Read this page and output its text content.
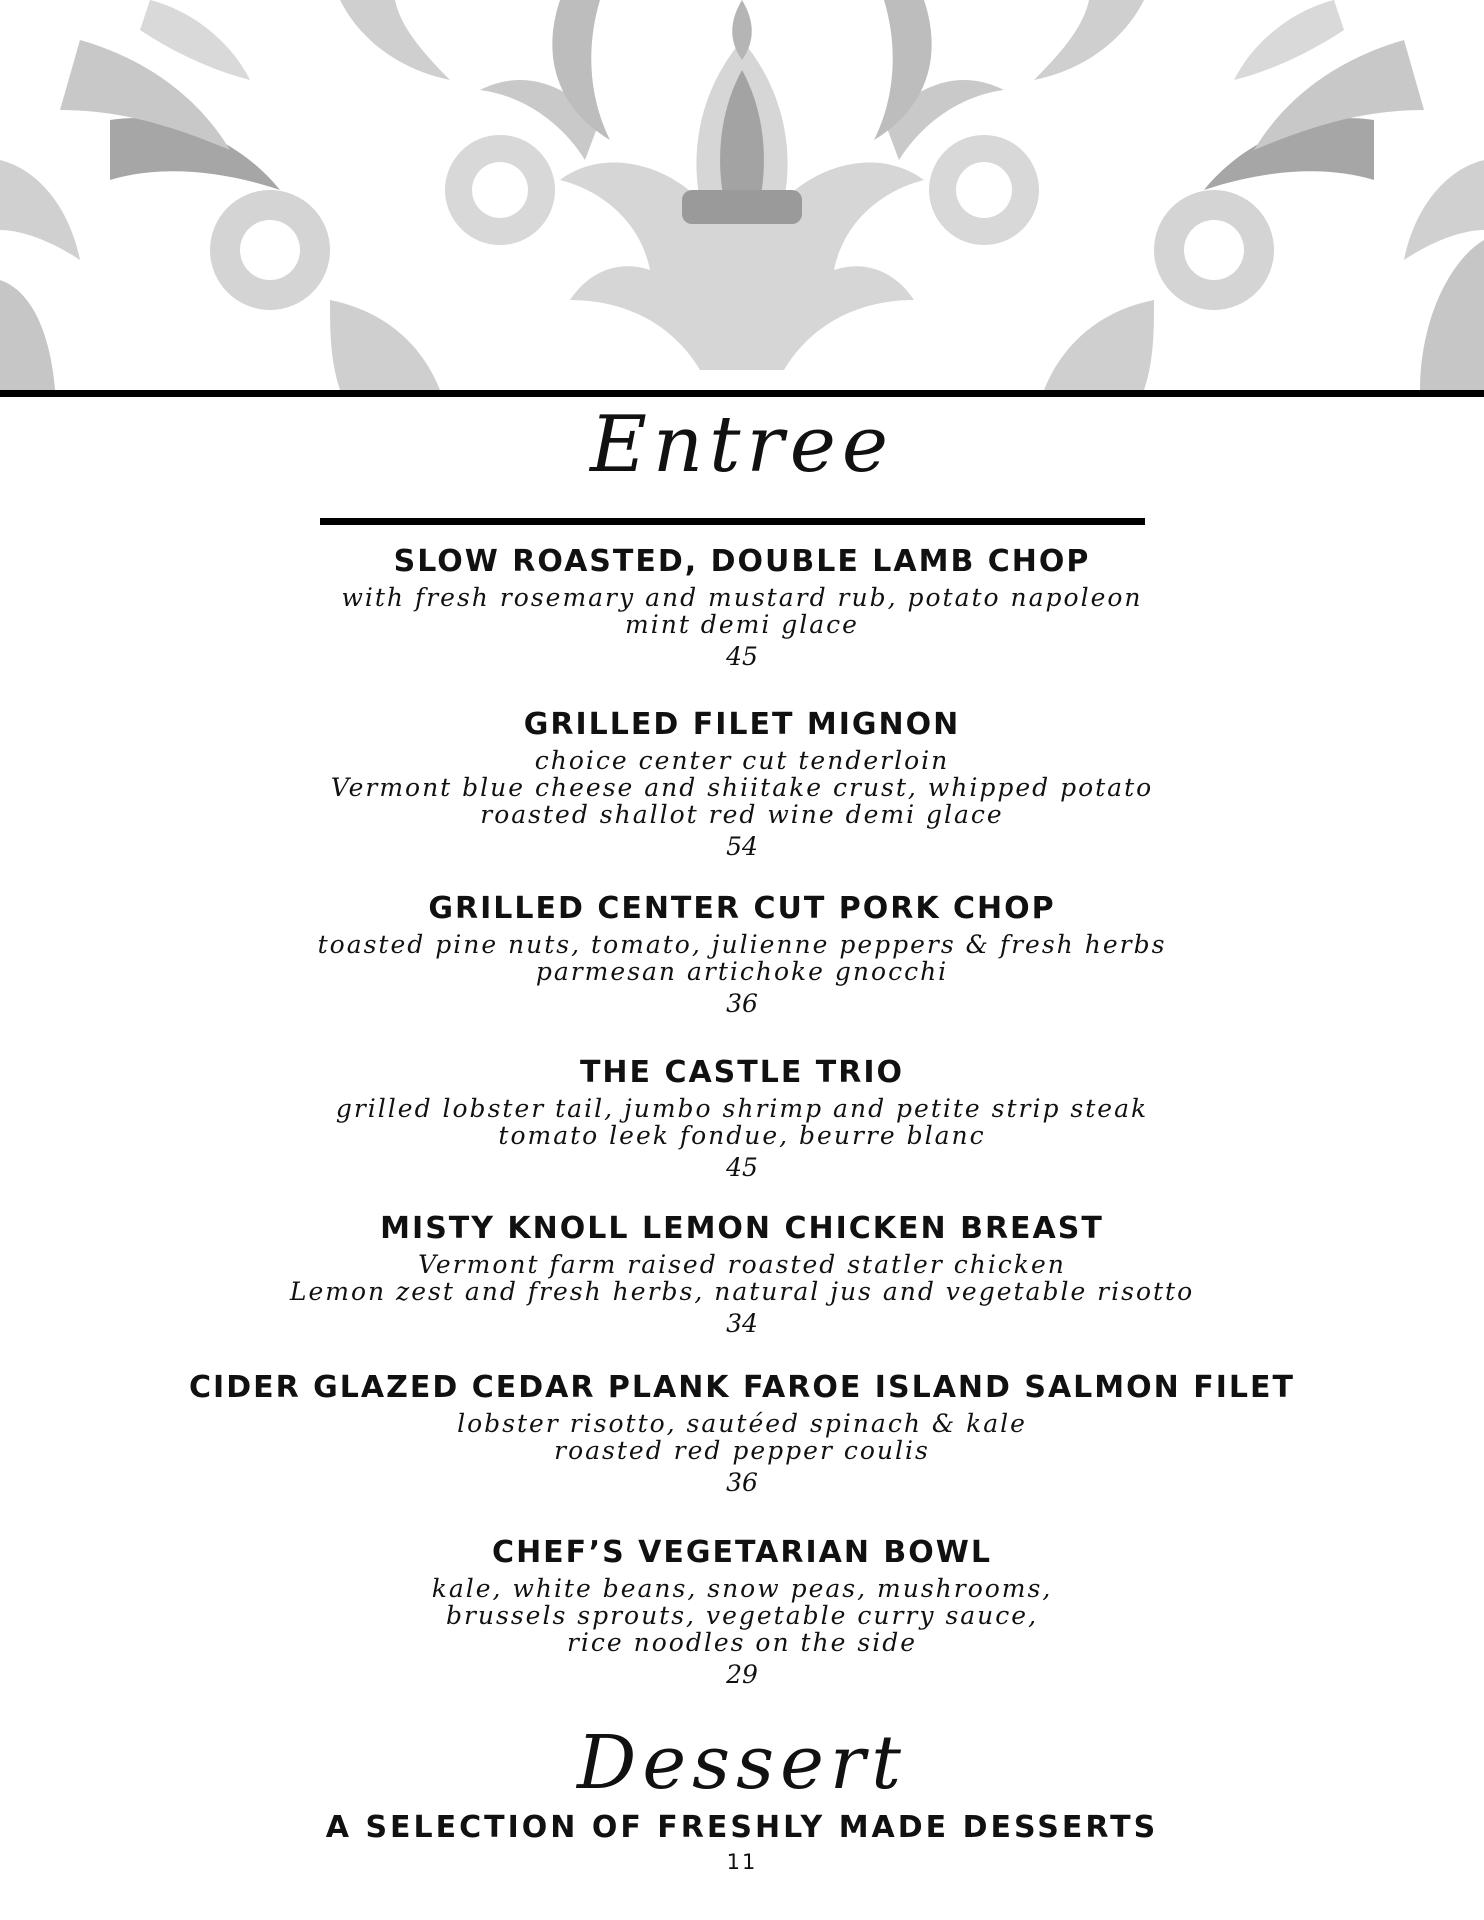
Entree

SLOW ROASTED, DOUBLE LAMB CHOP

with fresh rosemary and mustard rub, potato napoleon

mint demi glace

45

GRILLED FILET MIGNON

choice center cut tenderloin

Vermont blue cheese and shiitake crust, whipped potato

roasted shallot red wine demi glace

54

GRILLED CENTER CUT PORK CHOP

toasted pine nuts, tomato, julienne peppers & fresh herbs

parmesan artichoke gnocchi

36

THE CASTLE TRIO

grilled lobster tail, jumbo shrimp and petite strip steak

tomato leek fondue, beurre blanc

45

MISTY KNOLL LEMON CHICKEN BREAST

Vermont farm raised roasted statler chicken

Lemon zest and fresh herbs, natural jus and vegetable risotto

34

CIDER GLAZED CEDAR PLANK FAROE ISLAND SALMON FILET

lobster risotto, sautéed spinach & kale

roasted red pepper coulis

36

CHEF’S VEGETARIAN BOWL

kale, white beans, snow peas, mushrooms,

brussels sprouts, vegetable curry sauce,

rice noodles on the side

29

Dessert

A SELECTION OF FRESHLY MADE DESSERTS

11
